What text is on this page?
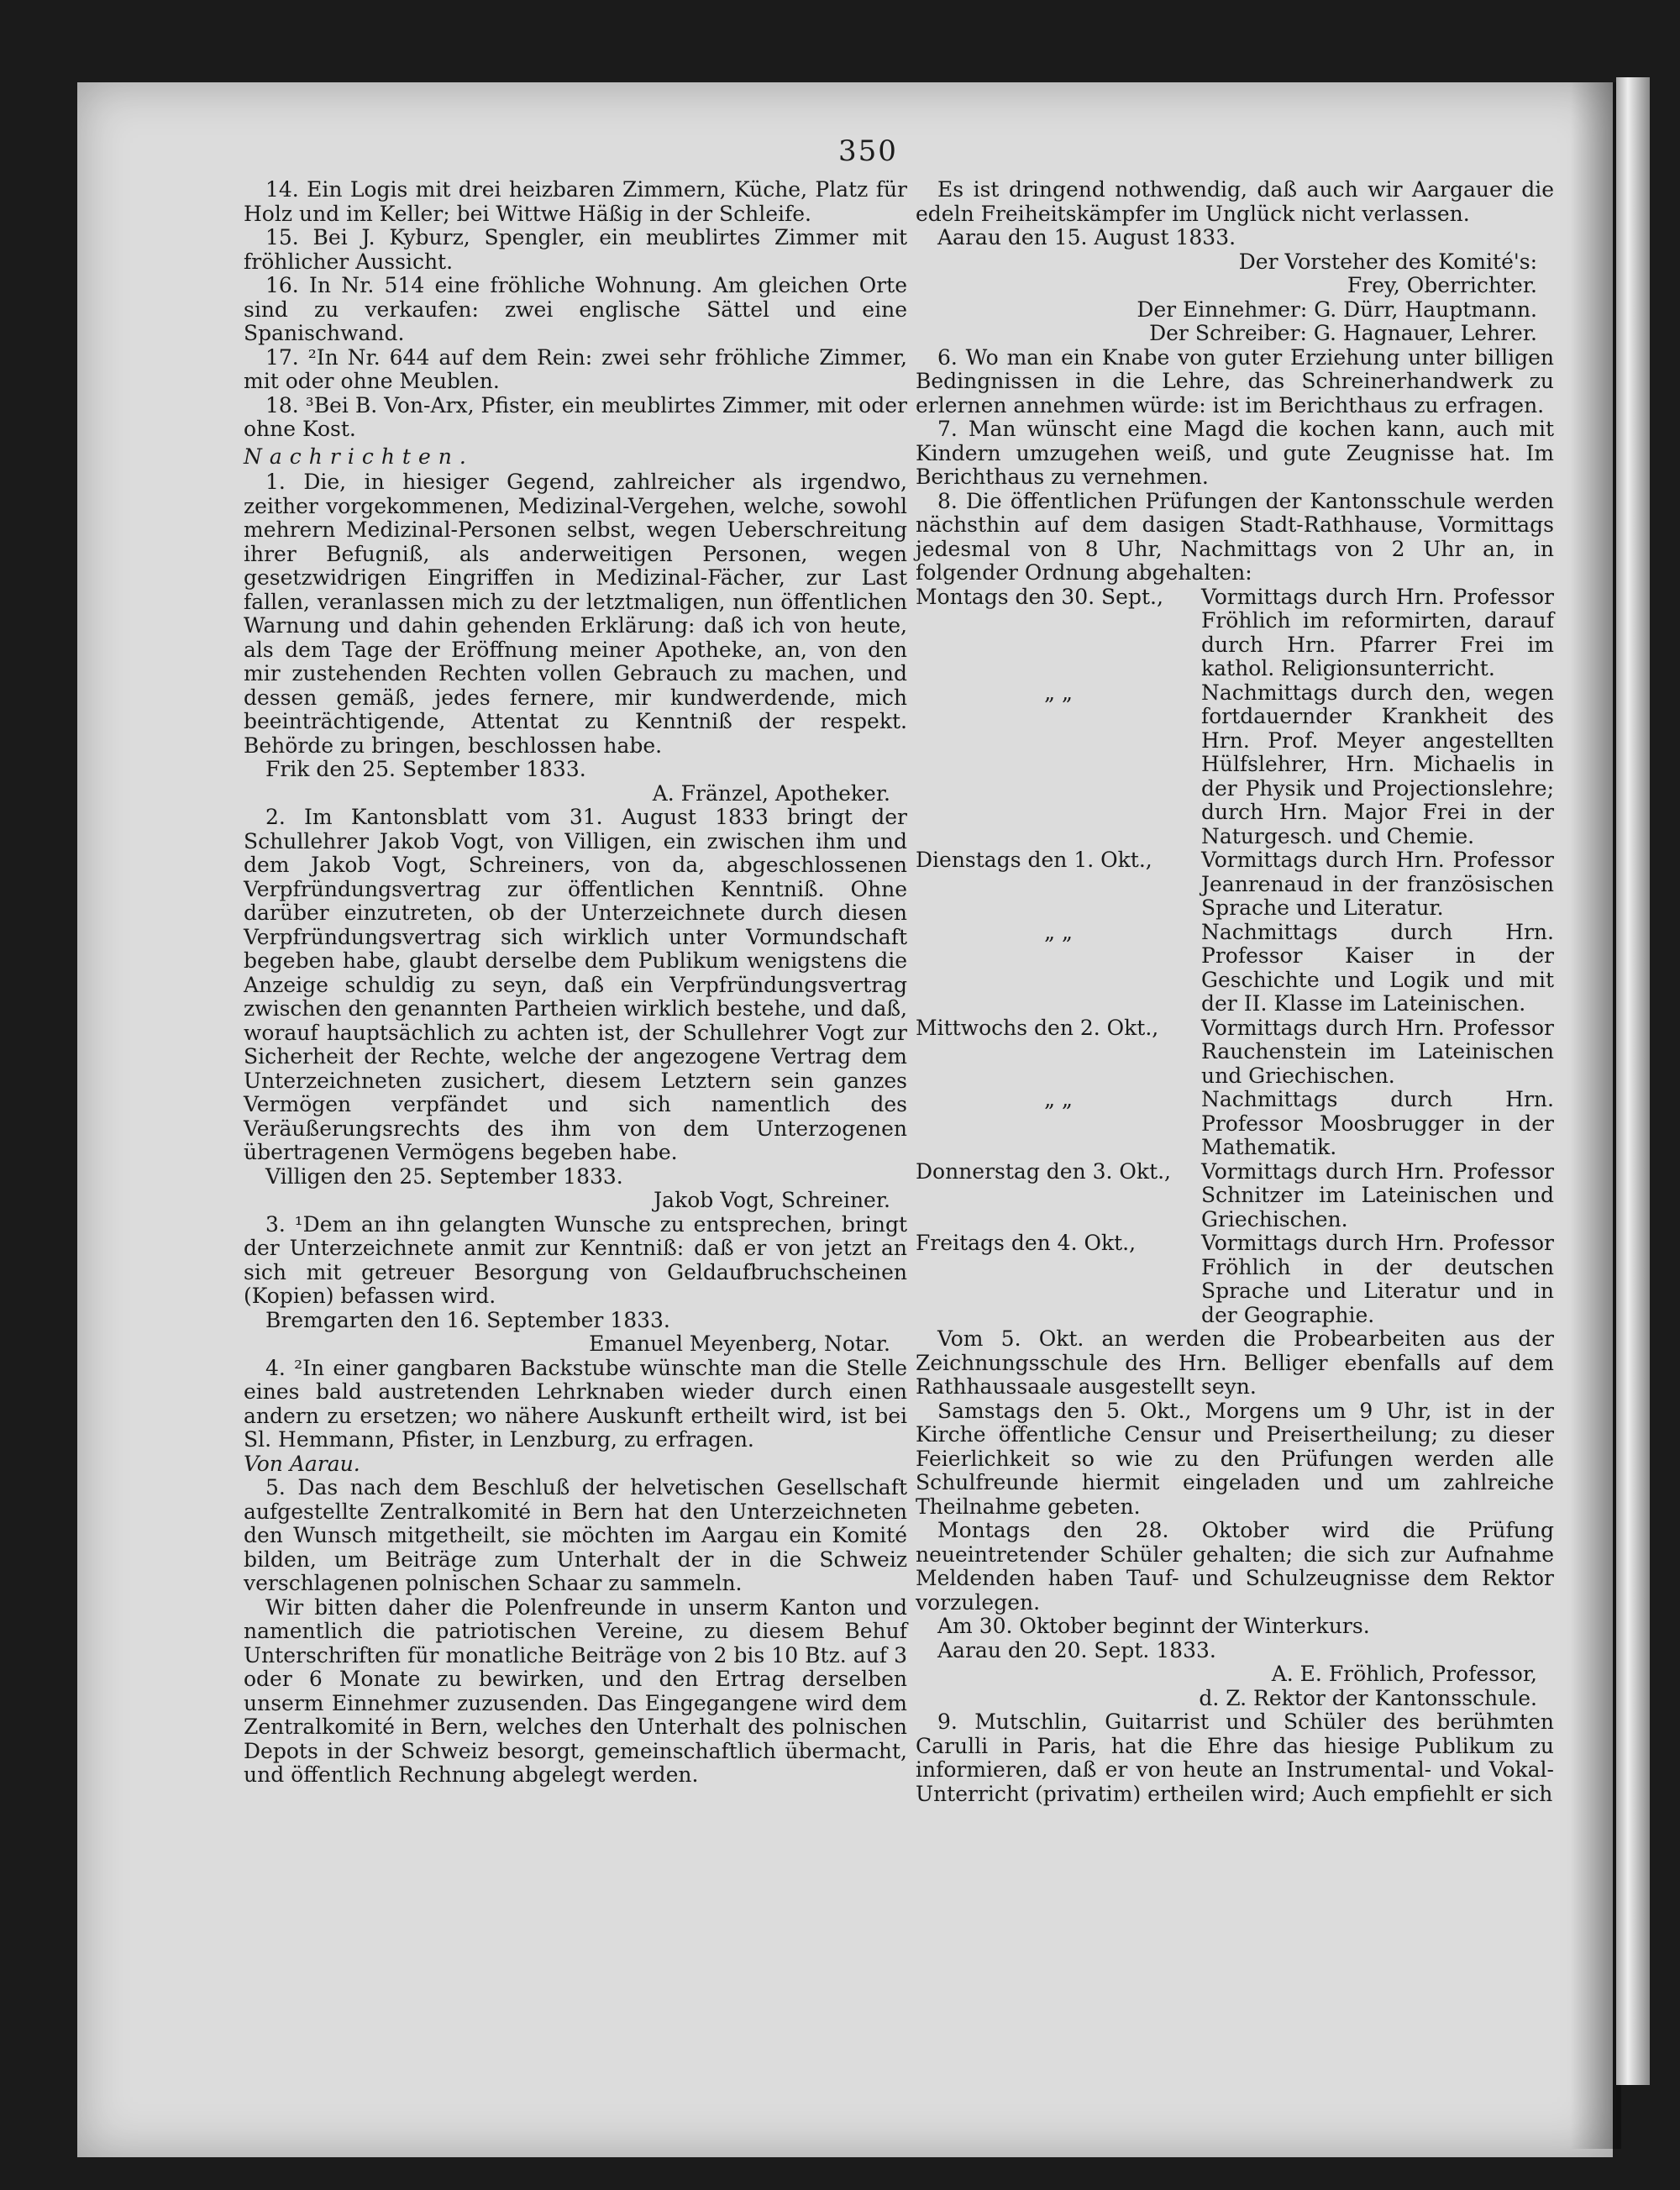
350

14. Ein Logis mit drei heizbaren Zimmern, Küche, Platz für Holz und im Keller; bei Wittwe Häßig in der Schleife.

15. Bei J. Kyburz, Spengler, ein meublirtes Zimmer mit fröhlicher Aussicht.

16. In Nr. 514 eine fröhliche Wohnung. Am gleichen Orte sind zu verkaufen: zwei englische Sättel und eine Spanischwand.

17. ²In Nr. 644 auf dem Rein: zwei sehr fröhliche Zimmer, mit oder ohne Meublen.

18. ³Bei B. Von-Arx, Pfister, ein meublirtes Zimmer, mit oder ohne Kost.

Nachrichten.

1. Die, in hiesiger Gegend, zahlreicher als irgendwo, zeither vorgekommenen, Medizinal-Vergehen, welche, sowohl mehrern Medizinal-Personen selbst, wegen Ueberschreitung ihrer Befugniß, als anderweitigen Personen, wegen gesetzwidrigen Eingriffen in Medizinal-Fächer, zur Last fallen, veranlassen mich zu der letztmaligen, nun öffentlichen Warnung und dahin gehenden Erklärung: daß ich von heute, als dem Tage der Eröffnung meiner Apotheke, an, von den mir zustehenden Rechten vollen Gebrauch zu machen, und dessen gemäß, jedes fernere, mir kundwerdende, mich beeinträchtigende, Attentat zu Kenntniß der respekt. Behörde zu bringen, beschlossen habe.

Frik den 25. September 1833.

A. Fränzel, Apotheker.

2. Im Kantonsblatt vom 31. August 1833 bringt der Schullehrer Jakob Vogt, von Villigen, ein zwischen ihm und dem Jakob Vogt, Schreiners, von da, abgeschlossenen Verpfründungsvertrag zur öffentlichen Kenntniß. Ohne darüber einzutreten, ob der Unterzeichnete durch diesen Verpfründungsvertrag sich wirklich unter Vormundschaft begeben habe, glaubt derselbe dem Publikum wenigstens die Anzeige schuldig zu seyn, daß ein Verpfründungsvertrag zwischen den genannten Partheien wirklich bestehe, und daß, worauf hauptsächlich zu achten ist, der Schullehrer Vogt zur Sicherheit der Rechte, welche der angezogene Vertrag dem Unterzeichneten zusichert, diesem Letztern sein ganzes Vermögen verpfändet und sich namentlich des Veräußerungsrechts des ihm von dem Unterzogenen übertragenen Vermögens begeben habe.

Villigen den 25. September 1833.

Jakob Vogt, Schreiner.

3. ¹Dem an ihn gelangten Wunsche zu entsprechen, bringt der Unterzeichnete anmit zur Kenntniß: daß er von jetzt an sich mit getreuer Besorgung von Geldaufbruchscheinen (Kopien) befassen wird.

Bremgarten den 16. September 1833.

Emanuel Meyenberg, Notar.

4. ²In einer gangbaren Backstube wünschte man die Stelle eines bald austretenden Lehrknaben wieder durch einen andern zu ersetzen; wo nähere Auskunft ertheilt wird, ist bei Sl. Hemmann, Pfister, in Lenzburg, zu erfragen.

Von Aarau.

5. Das nach dem Beschluß der helvetischen Gesellschaft aufgestellte Zentralkomité in Bern hat den Unterzeichneten den Wunsch mitgetheilt, sie möchten im Aargau ein Komité bilden, um Beiträge zum Unterhalt der in die Schweiz verschlagenen polnischen Schaar zu sammeln.

Wir bitten daher die Polenfreunde in unserm Kanton und namentlich die patriotischen Vereine, zu diesem Behuf Unterschriften für monatliche Beiträge von 2 bis 10 Btz. auf 3 oder 6 Monate zu bewirken, und den Ertrag derselben unserm Einnehmer zuzusenden. Das Eingegangene wird dem Zentralkomité in Bern, welches den Unterhalt des polnischen Depots in der Schweiz besorgt, gemeinschaftlich übermacht, und öffentlich Rechnung abgelegt werden.

Es ist dringend nothwendig, daß auch wir Aargauer die edeln Freiheitskämpfer im Unglück nicht verlassen.

Aarau den 15. August 1833.

Der Vorsteher des Komité's:

Frey, Oberrichter.

Der Einnehmer: G. Dürr, Hauptmann.

Der Schreiber: G. Hagnauer, Lehrer.

6. Wo man ein Knabe von guter Erziehung unter billigen Bedingnissen in die Lehre, das Schreinerhandwerk zu erlernen annehmen würde: ist im Berichthaus zu erfragen.

7. Man wünscht eine Magd die kochen kann, auch mit Kindern umzugehen weiß, und gute Zeugnisse hat. Im Berichthaus zu vernehmen.

8. Die öffentlichen Prüfungen der Kantonsschule werden nächsthin auf dem dasigen Stadt-Rathhause, Vormittags jedesmal von 8 Uhr, Nachmittags von 2 Uhr an, in folgender Ordnung abgehalten:

Montags den 30. Sept.,	Vormittags durch Hrn. Professor Fröhlich im reformirten, darauf durch Hrn. Pfarrer Frei im kathol. Religionsunterricht.
„ „	Nachmittags durch den, wegen fortdauernder Krankheit des Hrn. Prof. Meyer angestellten Hülfslehrer, Hrn. Michaelis in der Physik und Projectionslehre; durch Hrn. Major Frei in der Naturgesch. und Chemie.
Dienstags den 1. Okt.,	Vormittags durch Hrn. Professor Jeanrenaud in der französischen Sprache und Literatur.
„ „	Nachmittags durch Hrn. Professor Kaiser in der Geschichte und Logik und mit der II. Klasse im Lateinischen.
Mittwochs den 2. Okt.,	Vormittags durch Hrn. Professor Rauchenstein im Lateinischen und Griechischen.
„ „	Nachmittags durch Hrn. Professor Moosbrugger in der Mathematik.
Donnerstag den 3. Okt.,	Vormittags durch Hrn. Professor Schnitzer im Lateinischen und Griechischen.
Freitags den 4. Okt.,	Vormittags durch Hrn. Professor Fröhlich in der deutschen Sprache und Literatur und in der Geographie.

Vom 5. Okt. an werden die Probearbeiten aus der Zeichnungsschule des Hrn. Belliger ebenfalls auf dem Rathhaussaale ausgestellt seyn.

Samstags den 5. Okt., Morgens um 9 Uhr, ist in der Kirche öffentliche Censur und Preisertheilung; zu dieser Feierlichkeit so wie zu den Prüfungen werden alle Schulfreunde hiermit eingeladen und um zahlreiche Theilnahme gebeten.

Montags den 28. Oktober wird die Prüfung neueintretender Schüler gehalten; die sich zur Aufnahme Meldenden haben Tauf- und Schulzeugnisse dem Rektor vorzulegen.

Am 30. Oktober beginnt der Winterkurs.

Aarau den 20. Sept. 1833.

A. E. Fröhlich, Professor,

d. Z. Rektor der Kantonsschule.

9. Mutschlin, Guitarrist und Schüler des berühmten Carulli in Paris, hat die Ehre das hiesige Publikum zu informieren, daß er von heute an Instrumental- und Vokal-Unterricht (privatim) ertheilen wird; Auch empfiehlt er sich
